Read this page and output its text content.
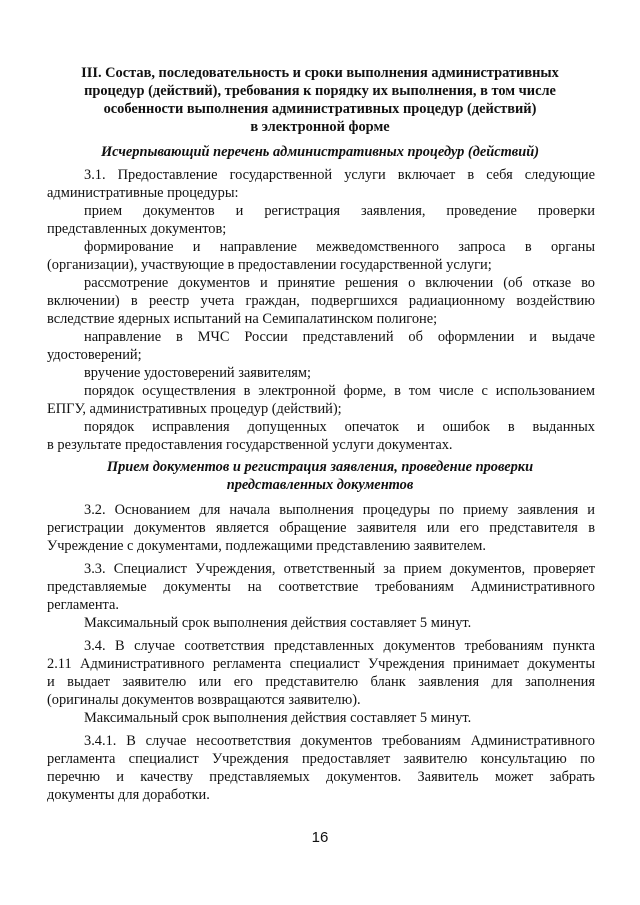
III. Состав, последовательность и сроки выполнения административных
процедур (действий), требования к порядку их выполнения, в том числе
особенности выполнения административных процедур (действий)
в электронной форме
Исчерпывающий перечень административных процедур (действий)
3.1. Предоставление государственной услуги включает в себя следующие
административные процедуры:
прием документов и регистрация заявления, проведение проверки
представленных документов;
формирование и направление межведомственного запроса в органы
(организации), участвующие в предоставлении государственной услуги;
рассмотрение документов и принятие решения о включении (об отказе во
включении) в реестр учета граждан, подвергшихся радиационному воздействию
вследствие ядерных испытаний на Семипалатинском полигоне;
направление в МЧС России представлений об оформлении и выдаче
удостоверений;
вручение удостоверений заявителям;
порядок осуществления в электронной форме, в том числе с использованием
ЕПГУ, административных процедур (действий);
порядок исправления допущенных опечаток и ошибок в выданных
в результате предоставления государственной услуги документах.
Прием документов и регистрация заявления, проведение проверки
представленных документов
3.2. Основанием для начала выполнения процедуры по приему заявления и
регистрации документов является обращение заявителя или его представителя в
Учреждение с документами, подлежащими представлению заявителем.
3.3. Специалист Учреждения, ответственный за прием документов, проверяет
представляемые документы на соответствие требованиям Административного
регламента.
Максимальный срок выполнения действия составляет 5 минут.
3.4. В случае соответствия представленных документов требованиям пункта
2.11 Административного регламента специалист Учреждения принимает документы
и выдает заявителю или его представителю бланк заявления для заполнения
(оригиналы документов возвращаются заявителю).
Максимальный срок выполнения действия составляет 5 минут.
3.4.1. В случае несоответствия документов требованиям Административного
регламента специалист Учреждения предоставляет заявителю консультацию по
перечню и качеству представляемых документов. Заявитель может забрать
документы для доработки.
16
